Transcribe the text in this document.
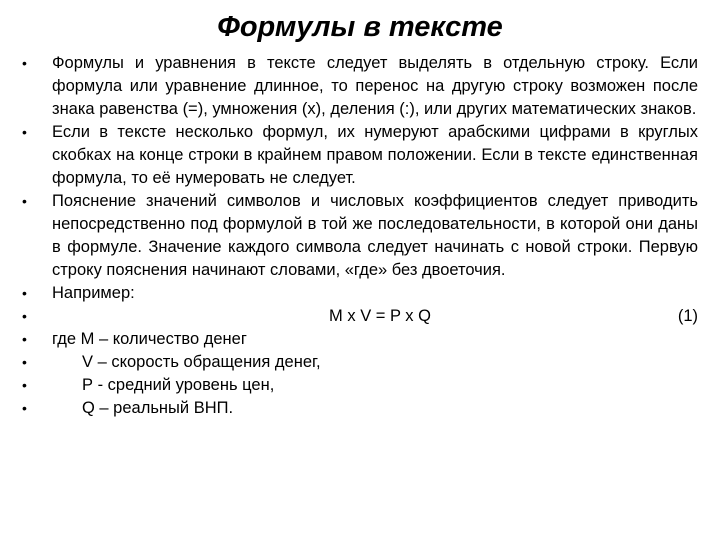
Формулы в тексте
•	Формулы и уравнения в тексте следует выделять в отдельную строку. Если формула или уравнение длинное, то перенос на другую строку возможен после знака равенства (=), умножения (х), деления (:), или других математических знаков.
•	Если в тексте несколько формул, их нумеруют арабскими цифрами в круглых скобках на конце строки в крайнем правом положении. Если в тексте единственная формула, то её нумеровать не следует.
•	Пояснение значений символов и числовых коэффициентов следует приводить непосредственно под формулой в той же последовательности, в которой они даны в формуле. Значение каждого символа следует начинать с новой строки. Первую строку пояснения начинают словами, «где» без двоеточия.
•	Например:
•	M x V = P x Q	(1)
•	где М – количество денег
•	V – скорость обращения денег,
•	Р - средний уровень цен,
•	Q – реальный ВНП.
